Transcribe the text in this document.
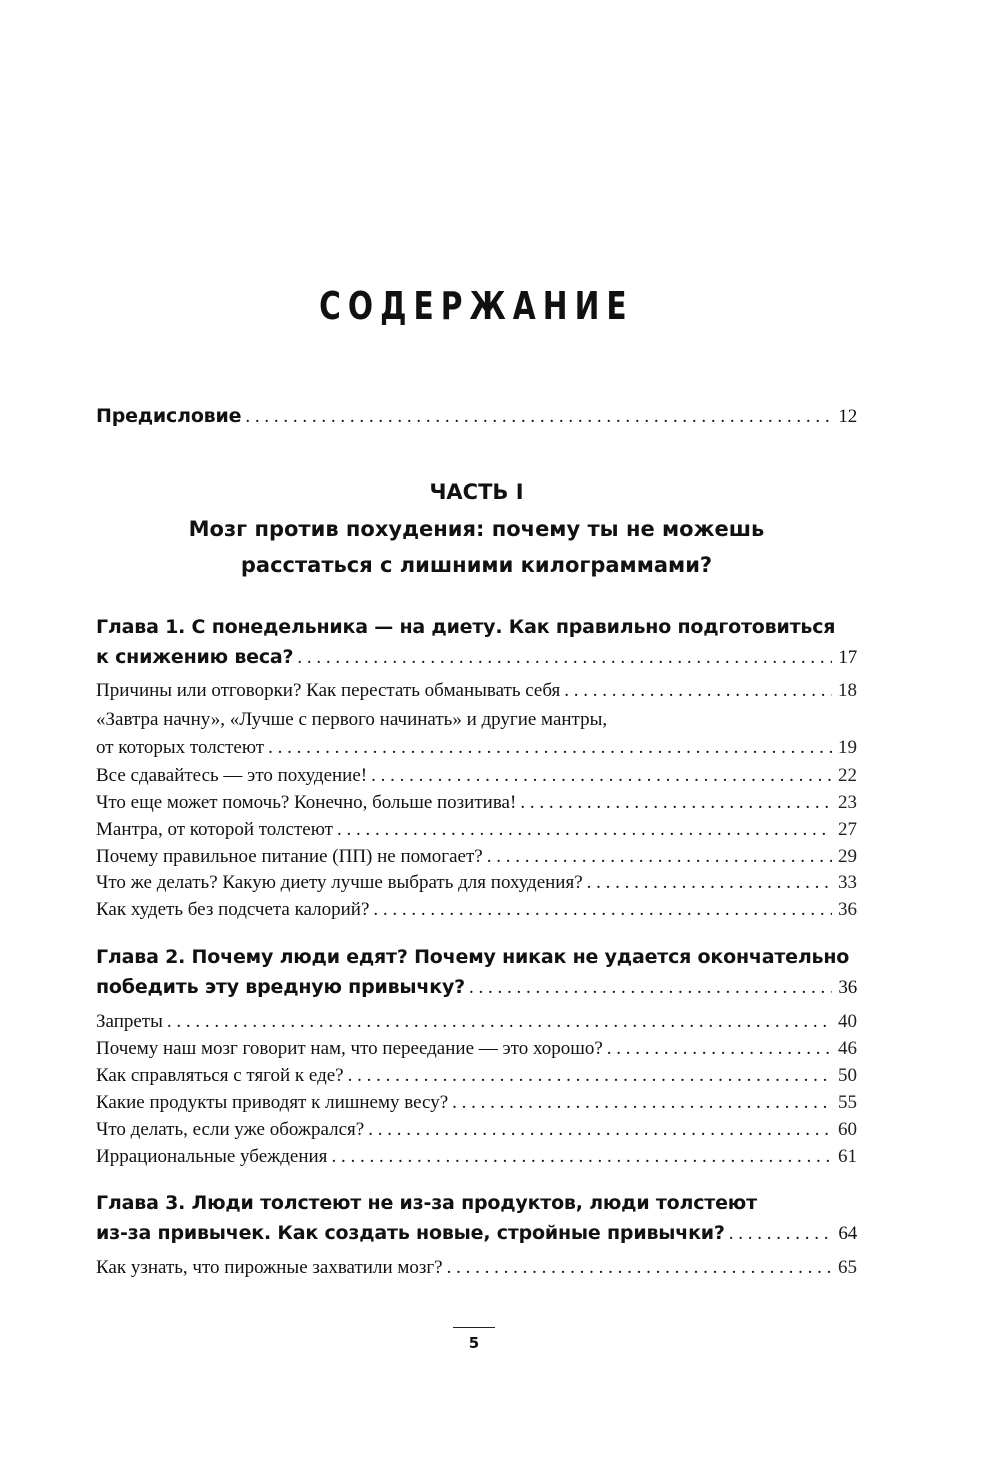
СОДЕРЖАНИЕ
Предисловие . . .	12
ЧАСТЬ I
Мозг против похудения: почему ты не можешь
расстаться с лишними килограммами?
Глава 1. С понедельника — на диету. Как правильно подготовиться
к снижению веса? . . .	17
Причины или отговорки? Как перестать обманывать себя . . .	18
«Завтра начну», «Лучше с первого начинать» и другие мантры,
от которых толстеют . . .	19
Все сдавайтесь — это похудение! . . .	22
Что еще может помочь? Конечно, больше позитива! . . .	23
Мантра, от которой толстеют . . .	27
Почему правильное питание (ПП) не помогает? . . .	29
Что же делать? Какую диету лучше выбрать для похудения? . . .	33
Как худеть без подсчета калорий? . . .	36
Глава 2. Почему люди едят? Почему никак не удается окончательно
победить эту вредную привычку? . . .	36
Запреты . . .	40
Почему наш мозг говорит нам, что переедание — это хорошо? . . .	46
Как справляться с тягой к еде? . . .	50
Какие продукты приводят к лишнему весу? . . .	55
Что делать, если уже обожрался? . . .	60
Иррациональные убеждения . . .	61
Глава 3. Люди толстеют не из-за продуктов, люди толстеют
из-за привычек. Как создать новые, стройные привычки? . . .	64
Как узнать, что пирожные захватили мозг? . . .	65
5
